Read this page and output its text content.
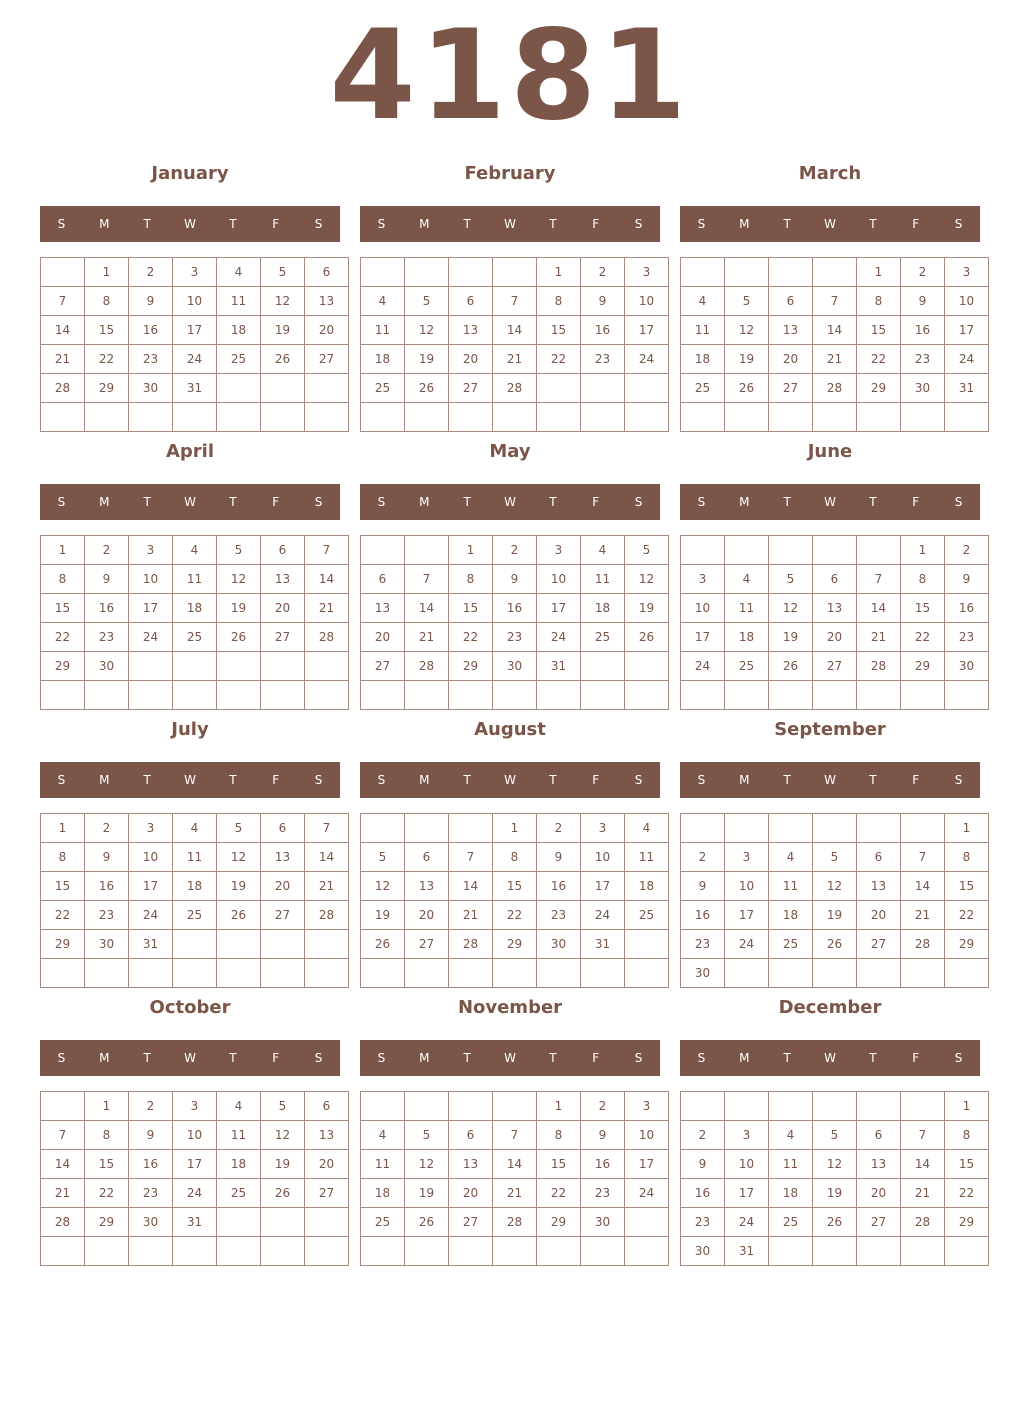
4181
January
S	M	T	W	T	F	S
	1	2	3	4	5	6
7	8	9	10	11	12	13
14	15	16	17	18	19	20
21	22	23	24	25	26	27
28	29	30	31			

February
S	M	T	W	T	F	S
				1	2	3
4	5	6	7	8	9	10
11	12	13	14	15	16	17
18	19	20	21	22	23	24
25	26	27	28			

March
S	M	T	W	T	F	S
				1	2	3
4	5	6	7	8	9	10
11	12	13	14	15	16	17
18	19	20	21	22	23	24
25	26	27	28	29	30	31

April
S	M	T	W	T	F	S
1	2	3	4	5	6	7
8	9	10	11	12	13	14
15	16	17	18	19	20	21
22	23	24	25	26	27	28
29	30					

May
S	M	T	W	T	F	S
		1	2	3	4	5
6	7	8	9	10	11	12
13	14	15	16	17	18	19
20	21	22	23	24	25	26
27	28	29	30	31		

June
S	M	T	W	T	F	S
					1	2
3	4	5	6	7	8	9
10	11	12	13	14	15	16
17	18	19	20	21	22	23
24	25	26	27	28	29	30

July
S	M	T	W	T	F	S
1	2	3	4	5	6	7
8	9	10	11	12	13	14
15	16	17	18	19	20	21
22	23	24	25	26	27	28
29	30	31				

August
S	M	T	W	T	F	S
			1	2	3	4
5	6	7	8	9	10	11
12	13	14	15	16	17	18
19	20	21	22	23	24	25
26	27	28	29	30	31	

September
S	M	T	W	T	F	S
						1
2	3	4	5	6	7	8
9	10	11	12	13	14	15
16	17	18	19	20	21	22
23	24	25	26	27	28	29
30						
October
S	M	T	W	T	F	S
	1	2	3	4	5	6
7	8	9	10	11	12	13
14	15	16	17	18	19	20
21	22	23	24	25	26	27
28	29	30	31			

November
S	M	T	W	T	F	S
				1	2	3
4	5	6	7	8	9	10
11	12	13	14	15	16	17
18	19	20	21	22	23	24
25	26	27	28	29	30	

December
S	M	T	W	T	F	S
						1
2	3	4	5	6	7	8
9	10	11	12	13	14	15
16	17	18	19	20	21	22
23	24	25	26	27	28	29
30	31					
